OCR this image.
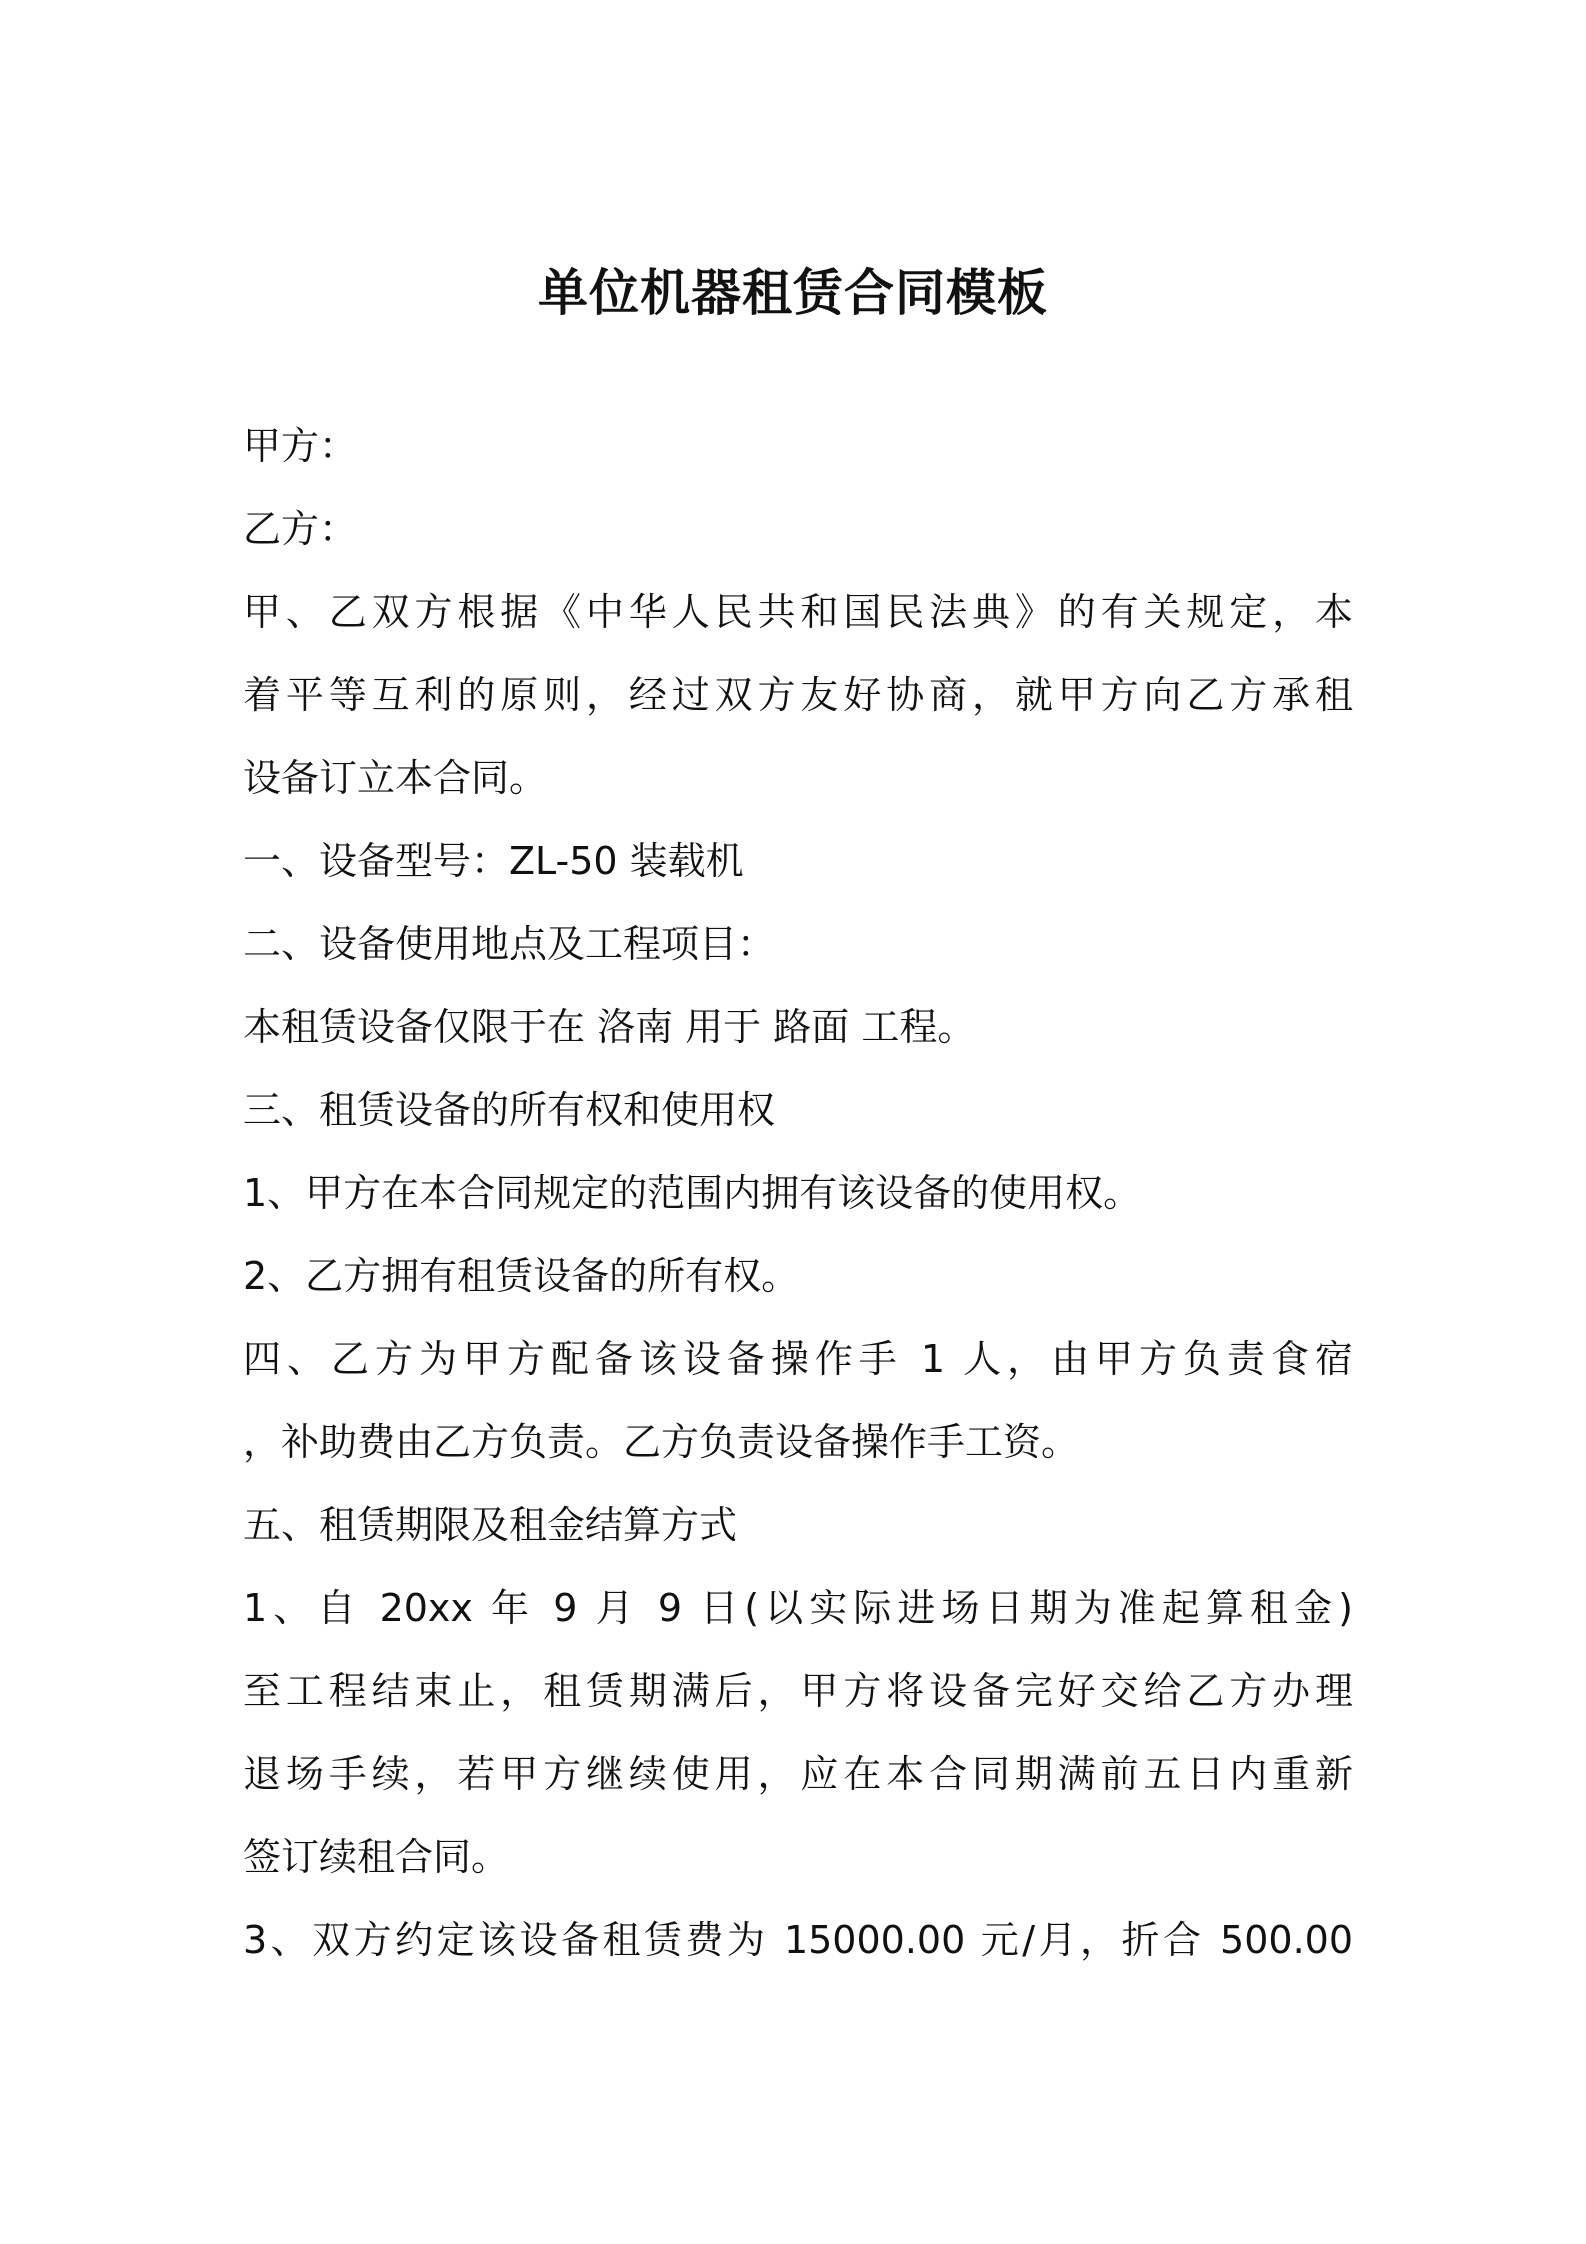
单位机器租赁合同模板
甲方：
乙方：
甲、乙双方根据《中华人民共和国民法典》的有关规定，本
着平等互利的原则，经过双方友好协商，就甲方向乙方承租
设备订立本合同。
一、设备型号：ZL-50 装载机
二、设备使用地点及工程项目：
本租赁设备仅限于在 洛南 用于 路面 工程。
三、租赁设备的所有权和使用权
1、甲方在本合同规定的范围内拥有该设备的使用权。
2、乙方拥有租赁设备的所有权。
四、乙方为甲方配备该设备操作手 1 人，由甲方负责食宿
，补助费由乙方负责。乙方负责设备操作手工资。
五、租赁期限及租金结算方式
1、自 20xx 年 9 月 9 日(以实际进场日期为准起算租金)
至工程结束止，租赁期满后，甲方将设备完好交给乙方办理
退场手续，若甲方继续使用，应在本合同期满前五日内重新
签订续租合同。
3、双方约定该设备租赁费为 15000.00 元/月，折合 500.00
